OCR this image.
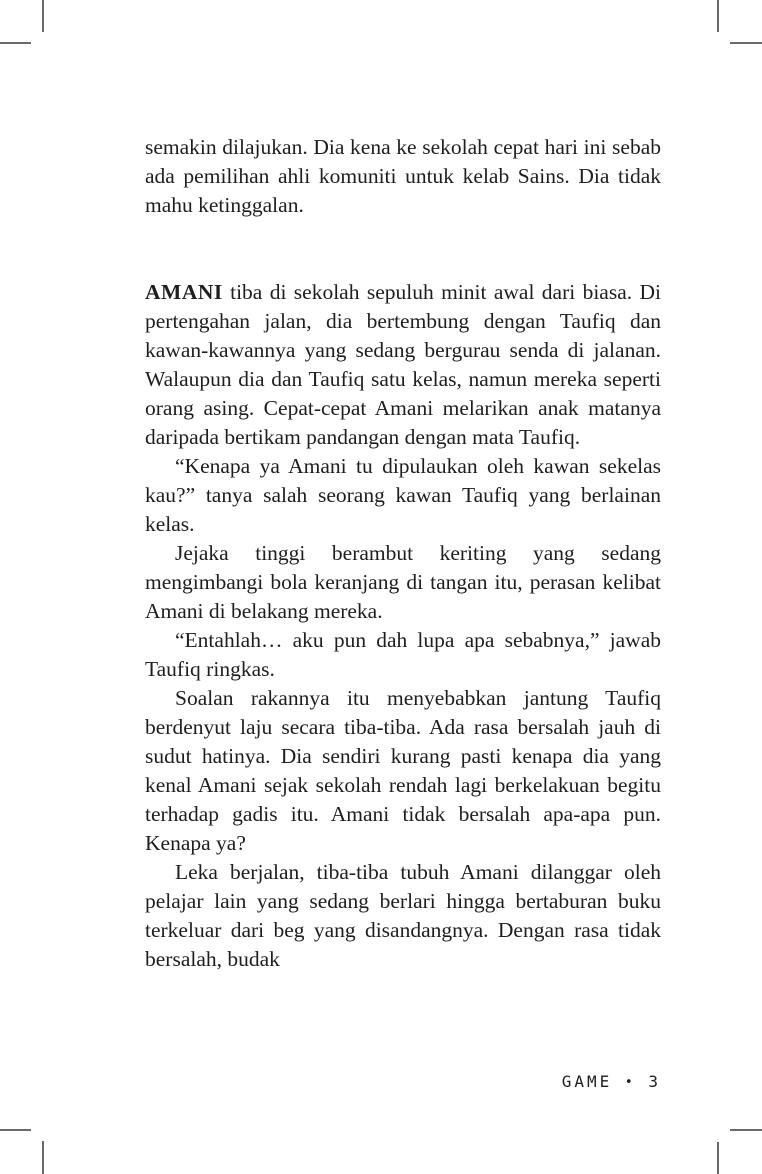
semakin dilajukan. Dia kena ke sekolah cepat hari ini sebab ada pemilihan ahli komuniti untuk kelab Sains. Dia tidak mahu ketinggalan.

AMANI tiba di sekolah sepuluh minit awal dari biasa. Di pertengahan jalan, dia bertembung dengan Taufiq dan kawan-kawannya yang sedang bergurau senda di jalanan. Walaupun dia dan Taufiq satu kelas, namun mereka seperti orang asing. Cepat-cepat Amani melarikan anak matanya daripada bertikam pandangan dengan mata Taufiq.

“Kenapa ya Amani tu dipulaukan oleh kawan sekelas kau?” tanya salah seorang kawan Taufiq yang berlainan kelas.

Jejaka tinggi berambut keriting yang sedang mengimbangi bola keranjang di tangan itu, perasan kelibat Amani di belakang mereka.

“Entahlah… aku pun dah lupa apa sebabnya,” jawab Taufiq ringkas.

Soalan rakannya itu menyebabkan jantung Taufiq berdenyut laju secara tiba-tiba. Ada rasa bersalah jauh di sudut hatinya. Dia sendiri kurang pasti kenapa dia yang kenal Amani sejak sekolah rendah lagi berkelakuan begitu terhadap gadis itu. Amani tidak bersalah apa-apa pun. Kenapa ya?

Leka berjalan, tiba-tiba tubuh Amani dilanggar oleh pelajar lain yang sedang berlari hingga bertaburan buku terkeluar dari beg yang disandangnya. Dengan rasa tidak bersalah, budak

GAME • 3
